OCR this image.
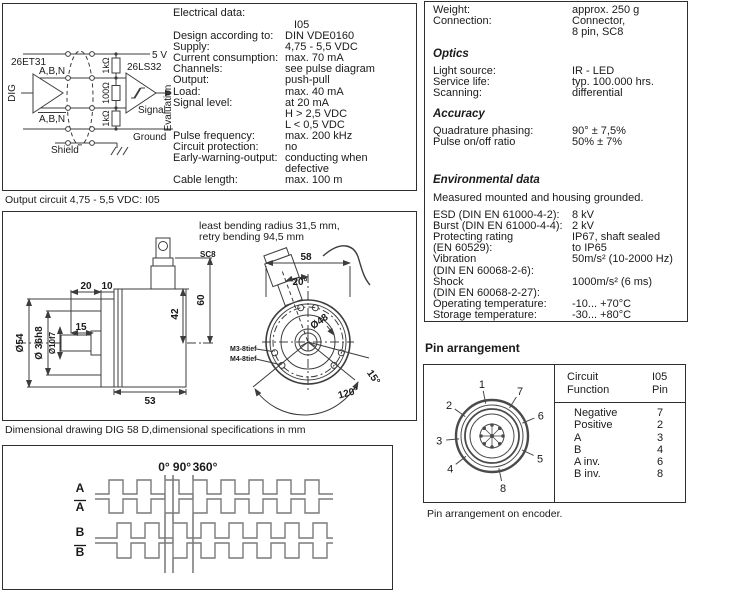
26ET31
DIG
A,B,N
A,B,N
1kΩ
100Ω
1kΩ
26LS32
Signal
Evaluation
5 V
Ground
Shield
Electrical data:
I05
Design according to:	DIN VDE0160
Supply:	4,75 - 5,5 VDC
Current consumption: max. 70 mA
Channels:	see pulse diagram
Output:	push-pull
Load:	max. 40 mA
Signal level:	at 20 mA
H > 2,5 VDC
L < 0,5 VDC
Pulse frequency:	max. 200 kHz
Circuit protection:	no
Early-warning-output: conducting when
defective
Cable length:	max. 100 m
Output circuit 4,75 - 5,5 VDC: I05
least bending radius 31,5 mm,
retry bending 94,5 mm
SC8
20 10
15
Ø54 Ø 36h8 Ø10f7
42
60
53
58
20°
Ø48
M3-8tief
M4-8tief
120°
15°
Dimensional drawing DIG 58 D,dimensional specifications in mm
0° 90° 360°
A
A
B
B
Weight:	approx. 250 g
Connection:	Connector,
8 pin, SC8
Optics
Light source:	IR - LED
Service life:	typ. 100.000 hrs.
Scanning:	differential
Accuracy
Quadrature phasing:	90° ± 7,5%
Pulse on/off ratio	50% ± 7%
Environmental data
Measured mounted and housing grounded.
ESD (DIN EN 61000-4-2):	8 kV
Burst (DIN EN 61000-4-4): 2 kV
Protecting rating	IP67, shaft sealed
(EN 60529):	to IP65
Vibration	50m/s² (10-2000 Hz)
(DIN EN 60068-2-6):
Shock	1000m/s² (6 ms)
(DIN EN 60068-2-27):
Operating temperature:	-10... +70°C
Storage temperature:	-30... +80°C
Pin arrangement
1
7
2
6
3
5
4
8
Circuit	I05
Function	Pin
Negative	7
Positive	2
A	3
B	4
A inv.	6
B inv.	8
Pin arrangement on encoder.
